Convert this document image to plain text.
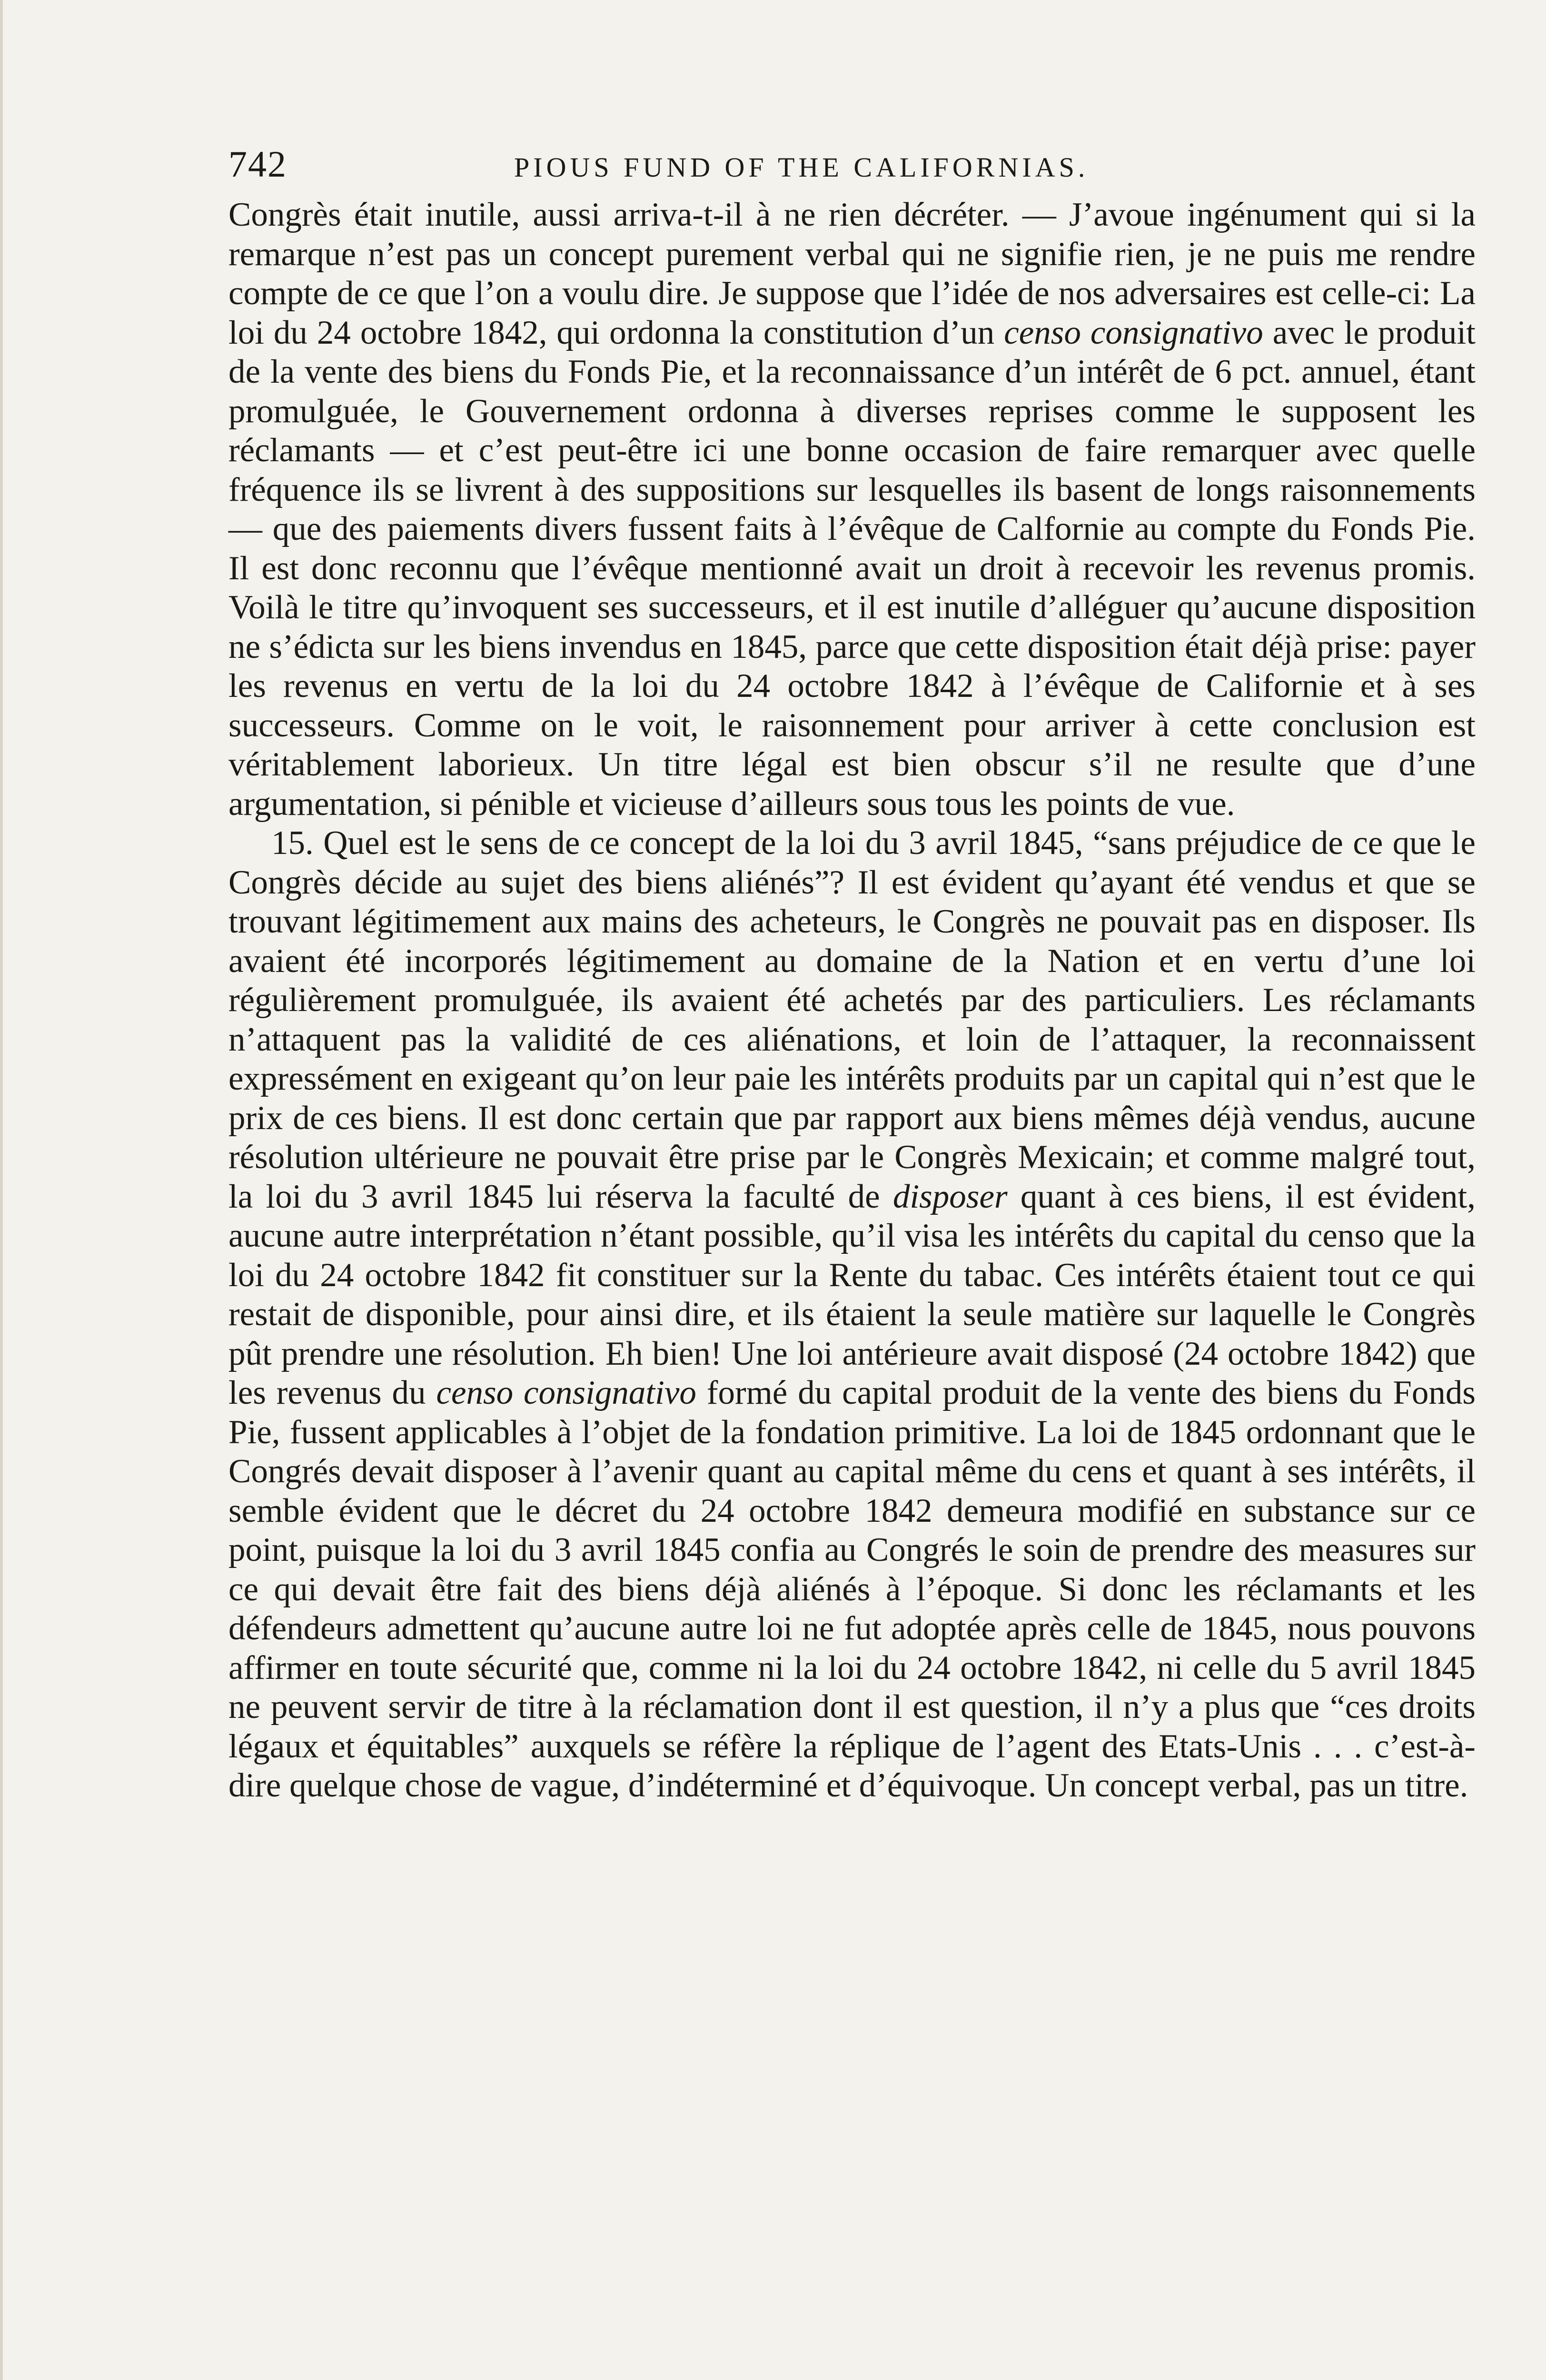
742	PIOUS FUND OF THE CALIFORNIAS.

Congrès était inutile, aussi arriva-t-il à ne rien décréter. — J’avoue ingénument qui si la remarque n’est pas un concept purement verbal qui ne signifie rien, je ne puis me rendre compte de ce que l’on a voulu dire. Je suppose que l’idée de nos adversaires est celle-ci: La loi du 24 octobre 1842, qui ordonna la constitution d’un censo consignativo avec le produit de la vente des biens du Fonds Pie, et la reconnaissance d’un intérêt de 6 pct. annuel, étant promulguée, le Gouvernement ordonna à diverses reprises comme le supposent les réclamants — et c’est peut-être ici une bonne occasion de faire remarquer avec quelle fréquence ils se livrent à des suppositions sur lesquelles ils basent de longs raisonnements — que des paiements divers fussent faits à l’évêque de Calfornie au compte du Fonds Pie. Il est donc reconnu que l’évêque mentionné avait un droit à recevoir les revenus promis. Voilà le titre qu’invoquent ses successeurs, et il est inutile d’alléguer qu’aucune disposition ne s’édicta sur les biens invendus en 1845, parce que cette disposition était déjà prise: payer les revenus en vertu de la loi du 24 octobre 1842 à l’évêque de Californie et à ses successeurs. Comme on le voit, le raisonnement pour arriver à cette conclusion est véritablement laborieux. Un titre légal est bien obscur s’il ne resulte que d’une argumentation, si pénible et vicieuse d’ailleurs sous tous les points de vue.

15. Quel est le sens de ce concept de la loi du 3 avril 1845, “sans préjudice de ce que le Congrès décide au sujet des biens aliénés”? Il est évident qu’ayant été vendus et que se trouvant légitimement aux mains des acheteurs, le Congrès ne pouvait pas en disposer. Ils avaient été incorporés légitimement au domaine de la Nation et en vertu d’une loi régulièrement promulguée, ils avaient été achetés par des particuliers. Les réclamants n’attaquent pas la validité de ces aliénations, et loin de l’attaquer, la reconnaissent expressément en exigeant qu’on leur paie les intérêts produits par un capital qui n’est que le prix de ces biens. Il est donc certain que par rapport aux biens mêmes déjà vendus, aucune résolution ultérieure ne pouvait être prise par le Congrès Mexicain; et comme malgré tout, la loi du 3 avril 1845 lui réserva la faculté de disposer quant à ces biens, il est évident, aucune autre interprétation n’étant possible, qu’il visa les intérêts du capital du censo que la loi du 24 octobre 1842 fit constituer sur la Rente du tabac. Ces intérêts étaient tout ce qui restait de disponible, pour ainsi dire, et ils étaient la seule matière sur laquelle le Congrès pût prendre une résolution. Eh bien! Une loi antérieure avait disposé (24 octobre 1842) que les revenus du censo consignativo formé du capital produit de la vente des biens du Fonds Pie, fussent applicables à l’objet de la fondation primitive. La loi de 1845 ordonnant que le Congrés devait disposer à l’avenir quant au capital même du cens et quant à ses intérêts, il semble évident que le décret du 24 octobre 1842 demeura modifié en substance sur ce point, puisque la loi du 3 avril 1845 confia au Congrés le soin de prendre des measures sur ce qui devait être fait des biens déjà aliénés à l’époque. Si donc les réclamants et les défendeurs admettent qu’aucune autre loi ne fut adoptée après celle de 1845, nous pouvons affirmer en toute sécurité que, comme ni la loi du 24 octobre 1842, ni celle du 5 avril 1845 ne peuvent servir de titre à la réclamation dont il est question, il n’y a plus que “ces droits légaux et équitables” auxquels se réfère la réplique de l’agent des Etats-Unis . . . c’est-à-dire quelque chose de vague, d’indéterminé et d’équivoque. Un concept verbal, pas un titre.
